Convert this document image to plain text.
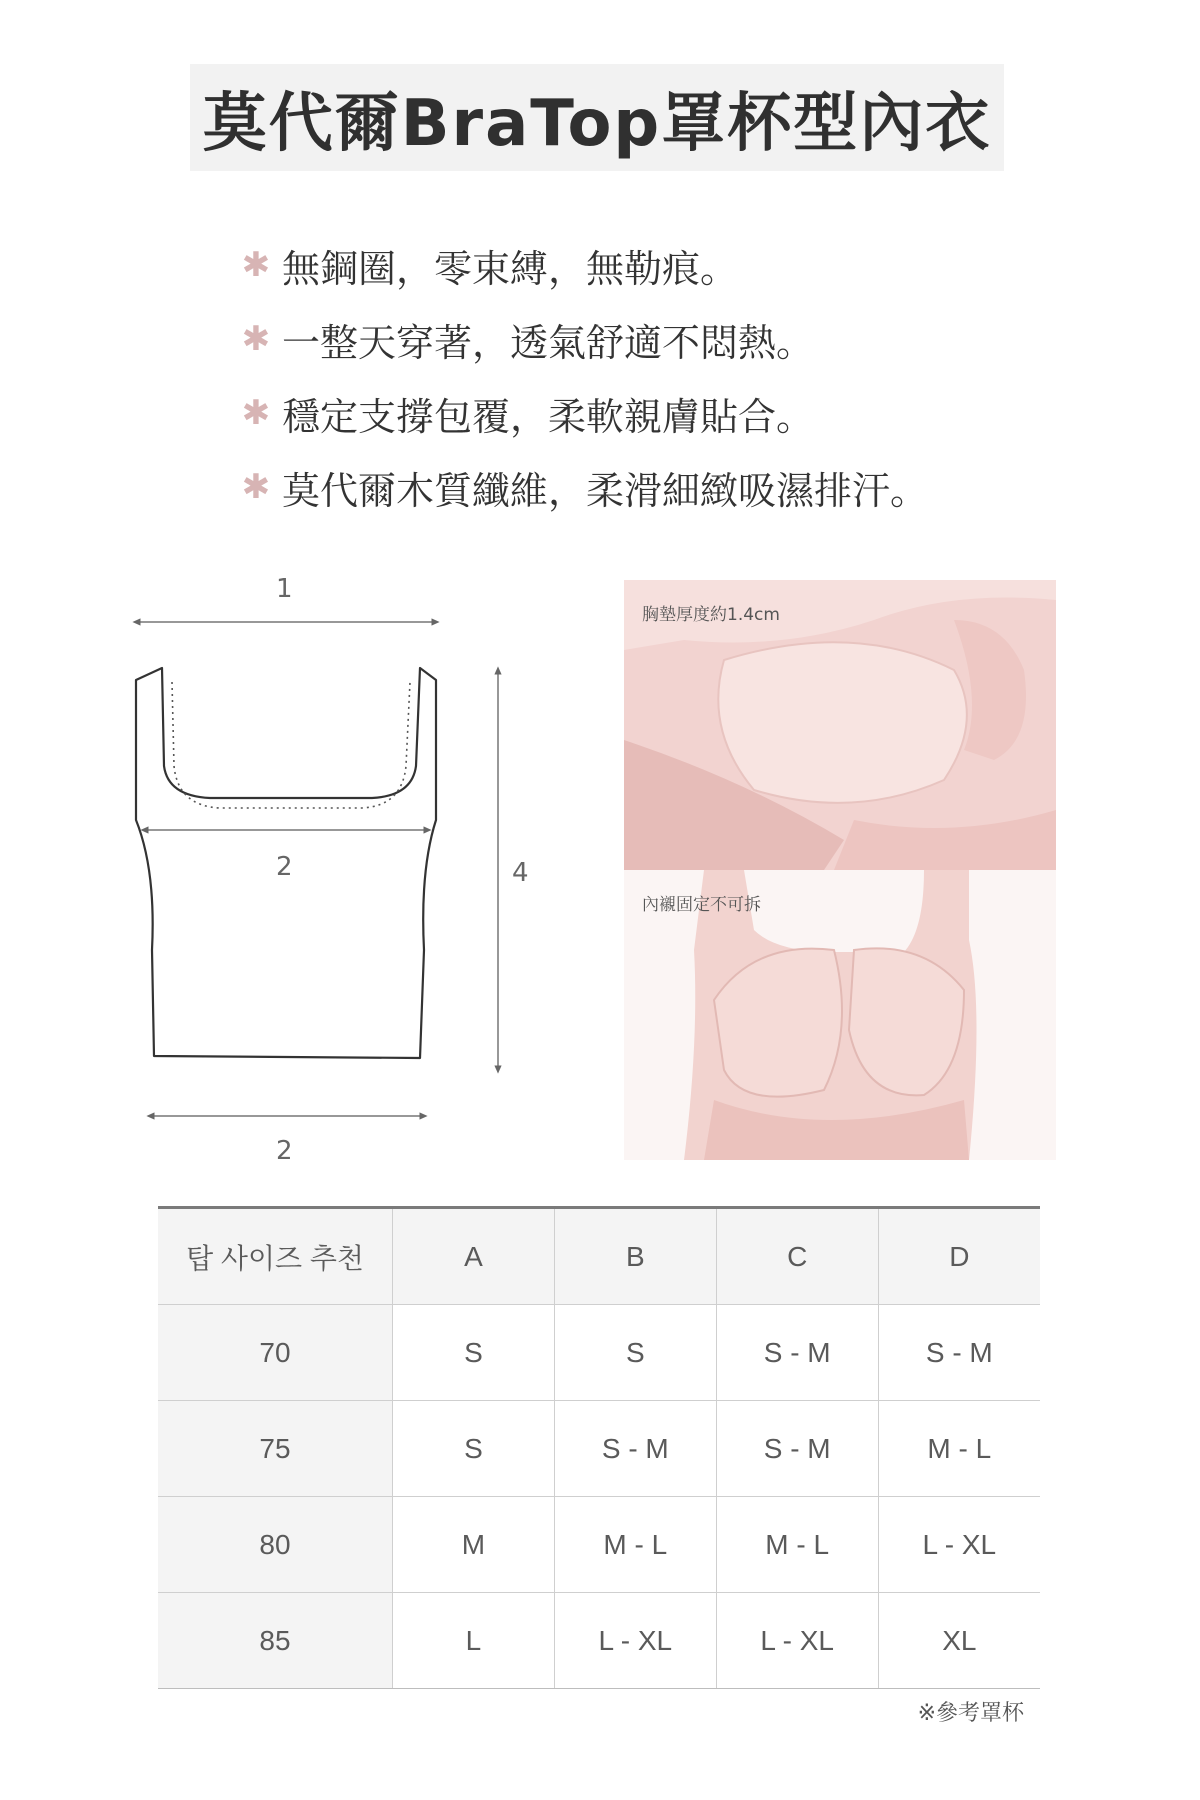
莫代爾BraTop罩杯型內衣
✱ 無鋼圈，零束縛，無勒痕。
✱ 一整天穿著，透氣舒適不悶熱。
✱ 穩定支撐包覆，柔軟親膚貼合。
✱ 莫代爾木質纖維，柔滑細緻吸濕排汗。
1
2	4
2
胸墊厚度約1.4cm
內襯固定不可拆
탑 사이즈 추천	A	B	C	D
70	S	S	S - M	S - M
75	S	S - M	S - M	M - L
80	M	M - L	M - L	L - XL
85	L	L - XL	L - XL	XL
※參考罩杯
